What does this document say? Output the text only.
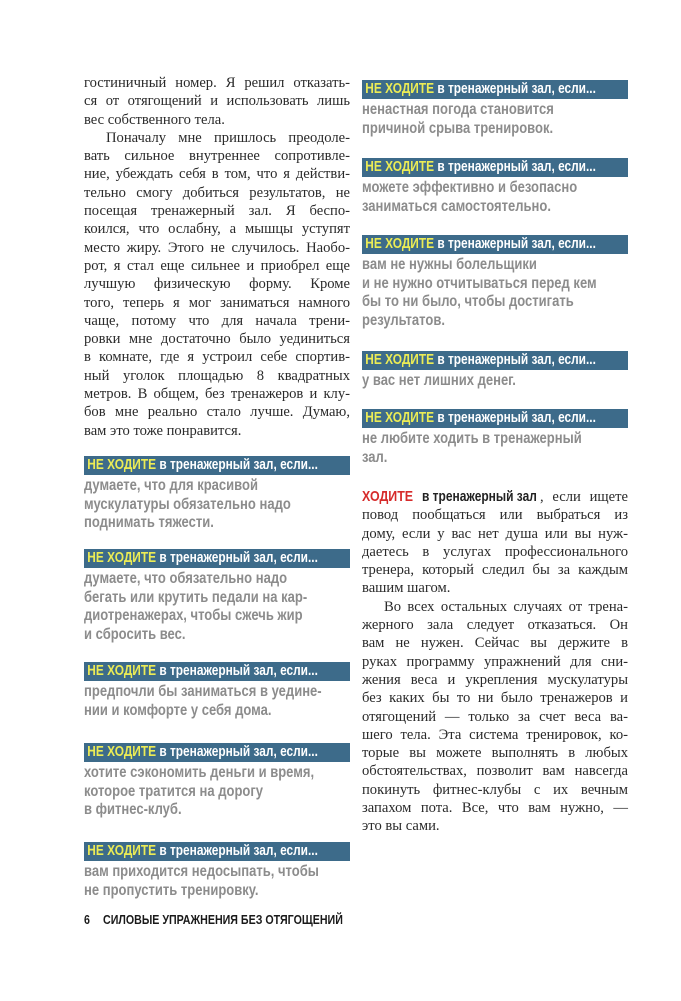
гостиничный номер. Я решил отказать-
ся от отягощений и использовать лишь
вес собственного тела.
Поначалу мне пришлось преодоле-
вать сильное внутреннее сопротивле-
ние, убеждать себя в том, что я действи-
тельно смогу добиться результатов, не
посещая тренажерный зал. Я беспо-
коился, что ослабну, а мышцы уступят
место жиру. Этого не случилось. Наобо-
рот, я стал еще сильнее и приобрел еще
лучшую физическую форму. Кроме
того, теперь я мог заниматься намного
чаще, потому что для начала трени-
ровки мне достаточно было уединиться
в комнате, где я устроил себе спортив-
ный уголок площадью 8 квадратных
метров. В общем, без тренажеров и клу-
бов мне реально стало лучше. Думаю,
вам это тоже понравится.
НЕ ХОДИТЕ в тренажерный зал, если...
думаете, что для красивой
мускулатуры обязательно надо
поднимать тяжести.
НЕ ХОДИТЕ в тренажерный зал, если...
думаете, что обязательно надо
бегать или крутить педали на кар-
диотренажерах, чтобы сжечь жир
и сбросить вес.
НЕ ХОДИТЕ в тренажерный зал, если...
предпочли бы заниматься в уедине-
нии и комфорте у себя дома.
НЕ ХОДИТЕ в тренажерный зал, если...
хотите сэкономить деньги и время,
которое тратится на дорогу
в фитнес-клуб.
НЕ ХОДИТЕ в тренажерный зал, если...
вам приходится недосыпать, чтобы
не пропустить тренировку.
НЕ ХОДИТЕ в тренажерный зал, если...
ненастная погода становится
причиной срыва тренировок.
НЕ ХОДИТЕ в тренажерный зал, если...
можете эффективно и безопасно
заниматься самостоятельно.
НЕ ХОДИТЕ в тренажерный зал, если...
вам не нужны болельщики
и не нужно отчитываться перед кем
бы то ни было, чтобы достигать
результатов.
НЕ ХОДИТЕ в тренажерный зал, если...
у вас нет лишних денег.
НЕ ХОДИТЕ в тренажерный зал, если...
не любите ходить в тренажерный
зал.
ХОДИТЕ в тренажерный зал , если ищете
повод пообщаться или выбраться из
дому, если у вас нет душа или вы нуж-
даетесь в услугах профессионального
тренера, который следил бы за каждым
вашим шагом.
Во всех остальных случаях от трена-
жерного зала следует отказаться. Он
вам не нужен. Сейчас вы держите в
руках программу упражнений для сни-
жения веса и укрепления мускулатуры
без каких бы то ни было тренажеров и
отягощений — только за счет веса ва-
шего тела. Эта система тренировок, ко-
торые вы можете выполнять в любых
обстоятельствах, позволит вам навсегда
покинуть фитнес-клубы с их вечным
запахом пота. Все, что вам нужно, —
это вы сами.
6 СИЛОВЫЕ УПРАЖНЕНИЯ БЕЗ ОТЯГОЩЕНИЙ
